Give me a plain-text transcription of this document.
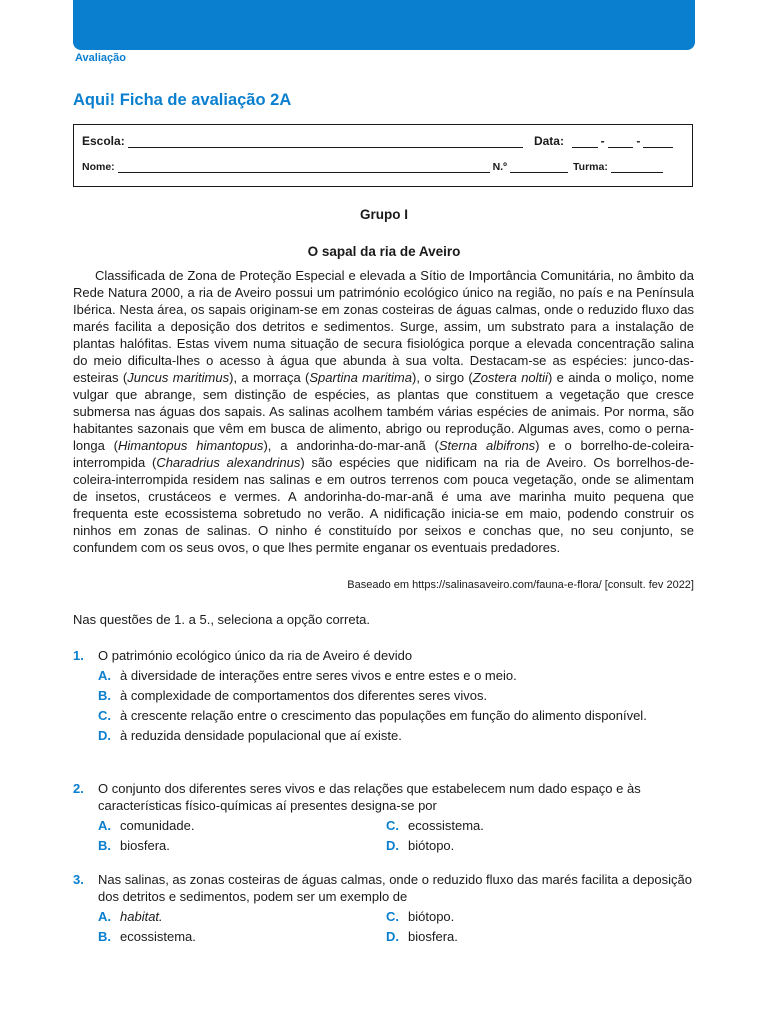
Avaliação
Aqui! Ficha de avaliação 2A
Escola:	Data:	-	-
Nome:	N.º	Turma:
Grupo I
O sapal da ria de Aveiro

Classificada de Zona de Proteção Especial e elevada a Sítio de Importância Comunitária, no âmbito da Rede Natura 2000, a ria de Aveiro possui um património ecológico único na região, no país e na Península Ibérica. Nesta área, os sapais originam-se em zonas costeiras de águas calmas, onde o reduzido fluxo das marés facilita a deposição dos detritos e sedimentos. Surge, assim, um substrato para a instalação de plantas halófitas. Estas vivem numa situação de secura fisiológica porque a elevada concentração salina do meio dificulta-lhes o acesso à água que abunda à sua volta. Destacam-se as espécies: junco-das-esteiras (Juncus maritimus), a morraça (Spartina maritima), o sirgo (Zostera noltii) e ainda o moliço, nome vulgar que abrange, sem distinção de espécies, as plantas que constituem a vegetação que cresce submersa nas águas dos sapais. As salinas acolhem também várias espécies de animais. Por norma, são habitantes sazonais que vêm em busca de alimento, abrigo ou reprodução. Algumas aves, como o perna-longa (Himantopus himantopus), a andorinha-do-mar-anã (Sterna albifrons) e o borrelho-de-coleira-interrompida (Charadrius alexandrinus) são espécies que nidificam na ria de Aveiro. Os borrelhos-de-coleira-interrompida residem nas salinas e em outros terrenos com pouca vegetação, onde se alimentam de insetos, crustáceos e vermes. A andorinha-do-mar-anã é uma ave marinha muito pequena que frequenta este ecossistema sobretudo no verão. A nidificação inicia-se em maio, podendo construir os ninhos em zonas de salinas. O ninho é constituído por seixos e conchas que, no seu conjunto, se confundem com os seus ovos, o que lhes permite enganar os eventuais predadores.

Baseado em https://salinasaveiro.com/fauna-e-flora/ [consult. fev 2022]
Nas questões de 1. a 5., seleciona a opção correta.
1. O património ecológico único da ria de Aveiro é devido
A. à diversidade de interações entre seres vivos e entre estes e o meio.
B. à complexidade de comportamentos dos diferentes seres vivos.
C. à crescente relação entre o crescimento das populações em função do alimento disponível.
D. à reduzida densidade populacional que aí existe.
2. O conjunto dos diferentes seres vivos e das relações que estabelecem num dado espaço e às características físico-químicas aí presentes designa-se por
A. comunidade.	C. ecossistema.
B. biosfera.	D. biótopo.
3. Nas salinas, as zonas costeiras de águas calmas, onde o reduzido fluxo das marés facilita a deposição dos detritos e sedimentos, podem ser um exemplo de
A. habitat.	C. biótopo.
B. ecossistema.	D. biosfera.
